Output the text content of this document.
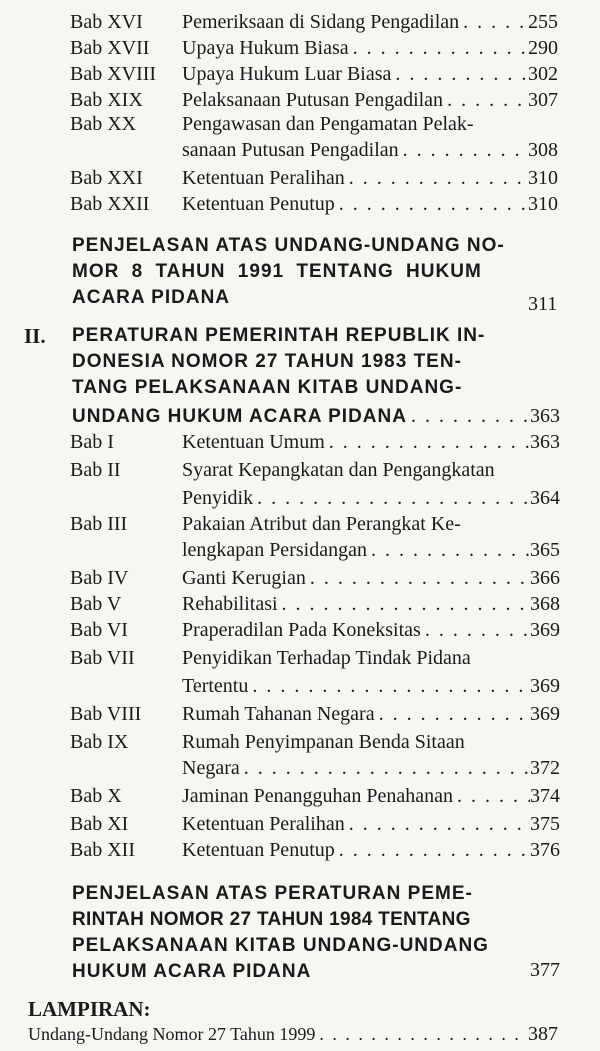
Bab XVI	Pemeriksaan di Sidang Pengadilan . . .	255
Bab XVII	Upaya Hukum Biasa . . .	290
Bab XVIII	Upaya Hukum Luar Biasa . . .	302
Bab XIX	Pelaksanaan Putusan Pengadilan . . .	307
Bab XX	Pengawasan dan Pengamatan Pelak-
sanaan Putusan Pengadilan . . .	308
Bab XXI	Ketentuan Peralihan . . .	310
Bab XXII	Ketentuan Penutup . . .	310
PENJELASAN ATAS UNDANG-UNDANG NO-
MOR 8 TAHUN 1991 TENTANG HUKUM
ACARA PIDANA	311
II. PERATURAN PEMERINTAH REPUBLIK IN-
DONESIA NOMOR 27 TAHUN 1983 TEN-
TANG PELAKSANAAN KITAB UNDANG-
UNDANG HUKUM ACARA PIDANA . . .	363
Bab I	Ketentuan Umum . . .	363
Bab II	Syarat Kepangkatan dan Pengangkatan
Penyidik . . .	364
Bab III	Pakaian Atribut dan Perangkat Ke-
lengkapan Persidangan . . .	365
Bab IV	Ganti Kerugian . . .	366
Bab V	Rehabilitasi . . .	368
Bab VI	Praperadilan Pada Koneksitas . . .	369
Bab VII	Penyidikan Terhadap Tindak Pidana
Tertentu . . .	369
Bab VIII	Rumah Tahanan Negara . . .	369
Bab IX	Rumah Penyimpanan Benda Sitaan
Negara . . .	372
Bab X	Jaminan Penangguhan Penahanan . . .	374
Bab XI	Ketentuan Peralihan . . .	375
Bab XII	Ketentuan Penutup . . .	376
PENJELASAN ATAS PERATURAN PEME-
RINTAH NOMOR 27 TAHUN 1984 TENTANG
PELAKSANAAN KITAB UNDANG-UNDANG
HUKUM ACARA PIDANA	377
LAMPIRAN:
Undang-Undang Nomor 27 Tahun 1999 . . .	387
